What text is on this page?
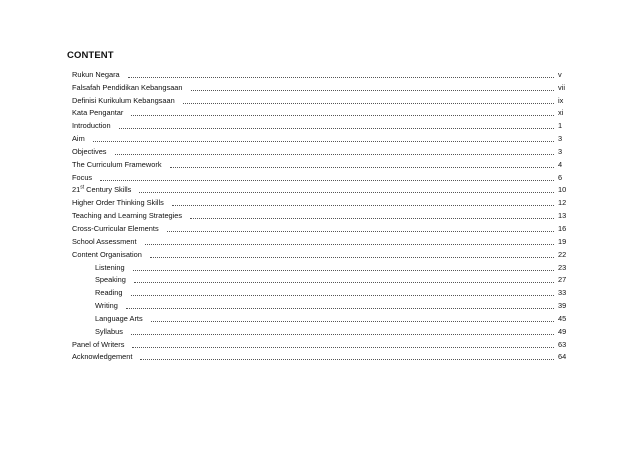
CONTENT
Rukun Negara	v
Falsafah Pendidikan Kebangsaan	vii
Definisi Kurikulum Kebangsaan	ix
Kata Pengantar	xi
Introduction	1
Aim	3
Objectives	3
The Curriculum Framework	4
Focus	6
21st Century Skills	10
Higher Order Thinking Skills	12
Teaching and Learning Strategies	13
Cross-Curricular Elements	16
School Assessment	19
Content Organisation	22
Listening	23
Speaking	27
Reading	33
Writing	39
Language Arts	45
Syllabus	49
Panel of Writers	63
Acknowledgement	64
